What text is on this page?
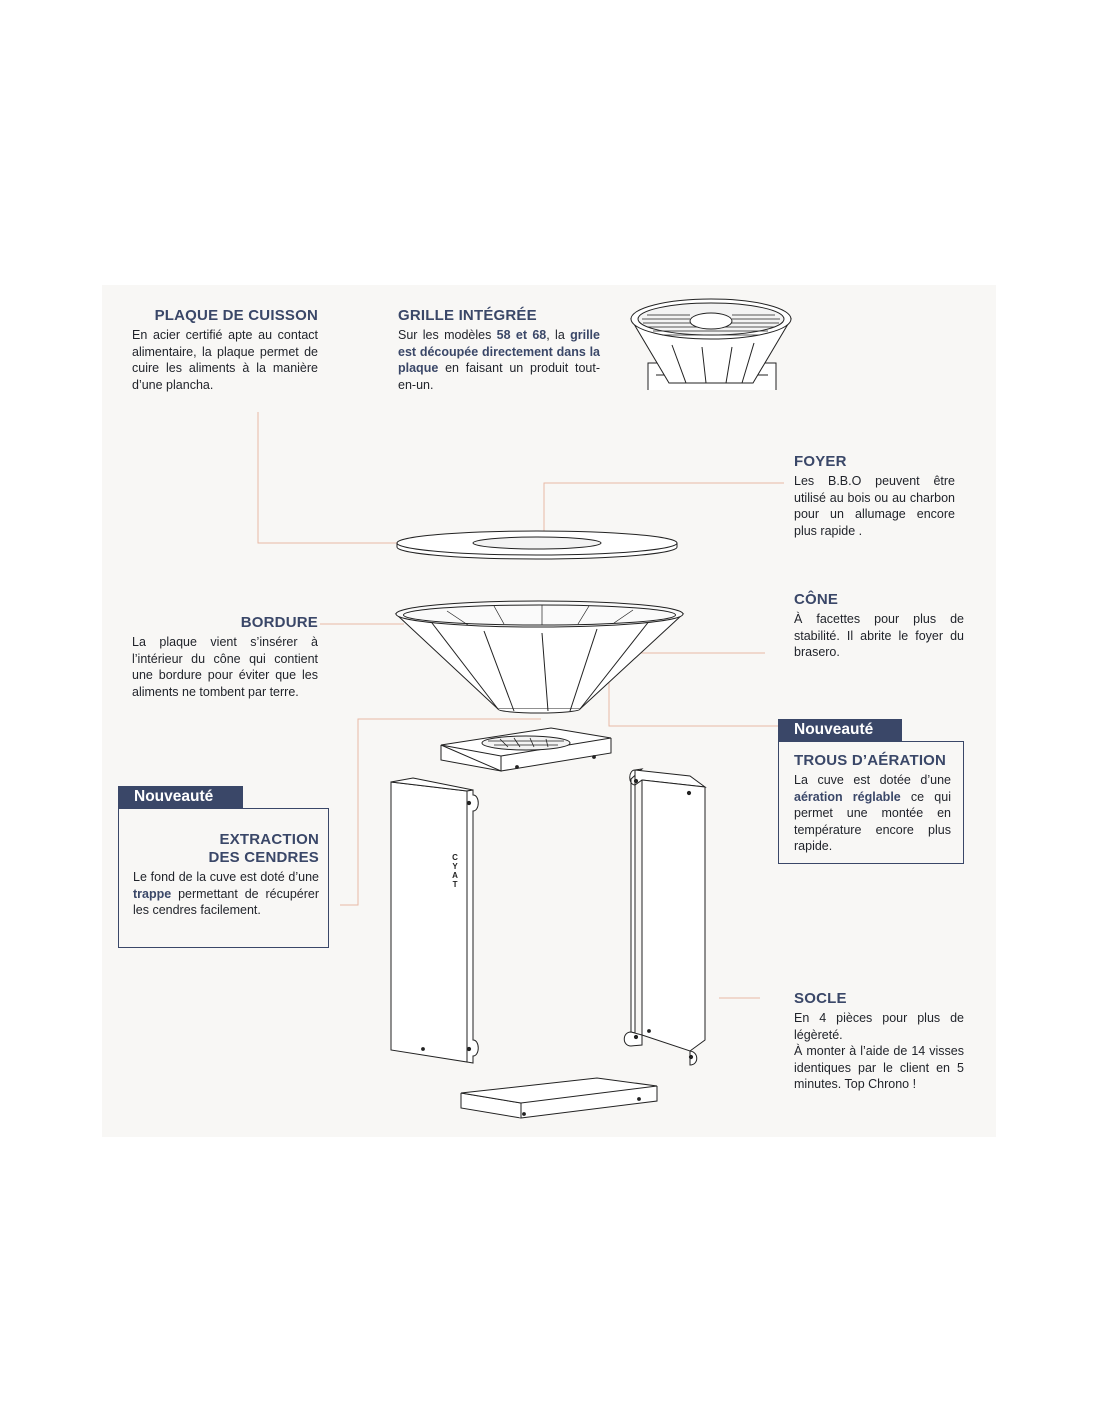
C Y A T
PLAQUE DE CUISSON
En acier certifié apte au contact alimentaire, la plaque permet de cuire les aliments à la manière d’une plancha.
GRILLE INTÉGRÉE
Sur les modèles 58 et 68, la grille est découpée directement dans la plaque en faisant un produit tout-en-un.
FOYER
Les B.B.O peuvent être utilisé au bois ou au charbon pour un allumage encore plus rapide .
BORDURE
La plaque vient s’insérer à l’intérieur du cône qui contient une bordure pour éviter que les aliments ne tombent par terre.
CÔNE
À facettes pour plus de stabilité. Il abrite le foyer du brasero.
TROUS D’AÉRATION
La cuve est dotée d’une aération réglable ce qui permet une montée en température encore plus rapide.
Nouveauté
EXTRACTION
DES CENDRES
Le fond de la cuve est doté d’une trappe permettant de récupérer les cendres facilement.
Nouveauté
SOCLE
En 4 pièces pour plus de légèreté.
À monter à l’aide de 14 visses identiques par le client en 5 minutes. Top Chrono !
